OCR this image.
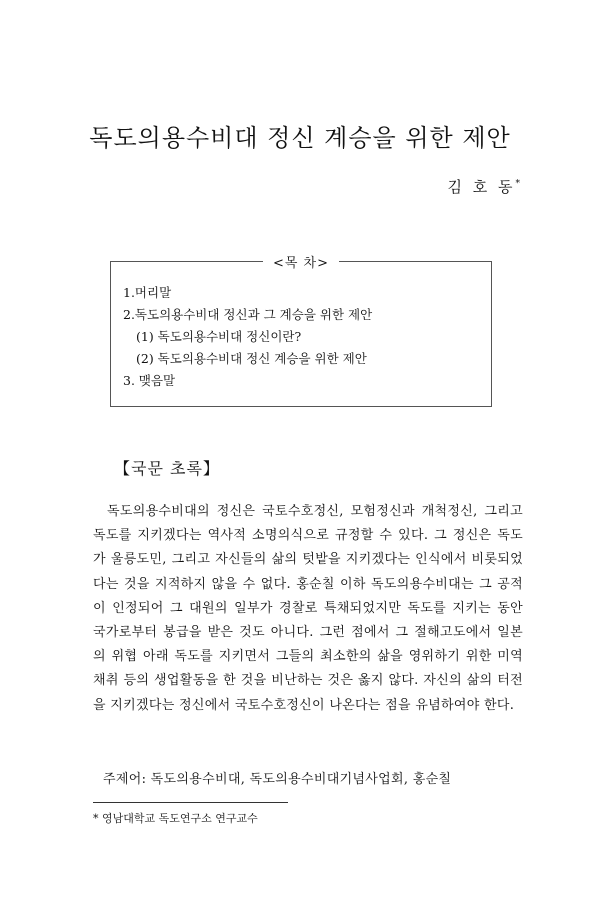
독도의용수비대 정신 계승을 위한 제안
김 호 동*
<목 차>
1.머리말
2.독도의용수비대 정신과 그 계승을 위한 제안
(1) 독도의용수비대 정신이란?
(2) 독도의용수비대 정신 계승을 위한 제안
3. 맺음말
【국문 초록】

독도의용수비대의 정신은 국토수호정신, 모험정신과 개척정신, 그리고 독도를 지키겠다는 역사적 소명의식으로 규정할 수 있다. 그 정신은 독도가 울릉도민, 그리고 자신들의 삶의 텃밭을 지키겠다는 인식에서 비롯되었다는 것을 지적하지 않을 수 없다. 홍순칠 이하 독도의용수비대는 그 공적이 인정되어 그 대원의 일부가 경찰로 특채되었지만 독도를 지키는 동안 국가로부터 봉급을 받은 것도 아니다. 그런 점에서 그 절해고도에서 일본의 위협 아래 독도를 지키면서 그들의 최소한의 삶을 영위하기 위한 미역 채취 등의 생업활동을 한 것을 비난하는 것은 옳지 않다. 자신의 삶의 터전을 지키겠다는 정신에서 국토수호정신이 나온다는 점을 유념하여야 한다.

주제어: 독도의용수비대, 독도의용수비대기념사업회, 홍순칠
* 영남대학교 독도연구소 연구교수
